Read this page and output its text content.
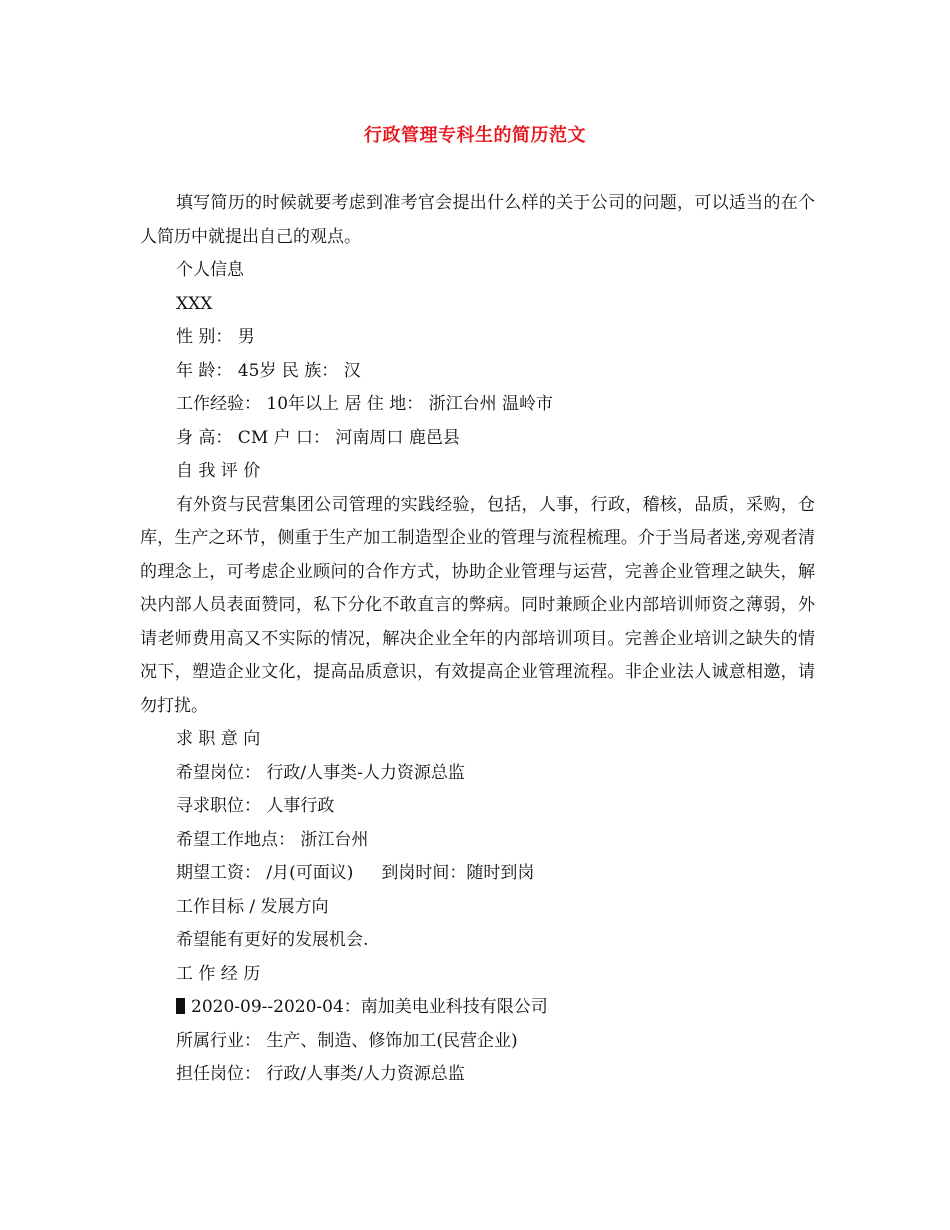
行政管理专科生的简历范文

填写简历的时候就要考虑到准考官会提出什么样的关于公司的问题，可以适当的在个人简历中就提出自己的观点。

个人信息

XXX

性 别： 男

年 龄： 45岁 民 族： 汉

工作经验： 10年以上 居 住 地： 浙江台州 温岭市

身 高： CM 户 口： 河南周口 鹿邑县

自 我 评 价

有外资与民营集团公司管理的实践经验，包括，人事，行政，稽核，品质，采购，仓库，生产之环节，侧重于生产加工制造型企业的管理与流程梳理。介于当局者迷,旁观者清的理念上，可考虑企业顾问的合作方式，协助企业管理与运营，完善企业管理之缺失，解决内部人员表面赞同，私下分化不敢直言的弊病。同时兼顾企业内部培训师资之薄弱，外请老师费用高又不实际的情况，解决企业全年的内部培训项目。完善企业培训之缺失的情况下，塑造企业文化，提高品质意识，有效提高企业管理流程。非企业法人诚意相邀，请勿打扰。

求 职 意 向

希望岗位： 行政/人事类-人力资源总监

寻求职位： 人事行政

希望工作地点： 浙江台州

期望工资： /月(可面议) 到岗时间：随时到岗

工作目标 / 发展方向

希望能有更好的发展机会.

工 作 经 历

2020-09--2020-04：南加美电业科技有限公司

所属行业： 生产、制造、修饰加工(民营企业)

担任岗位： 行政/人事类/人力资源总监
